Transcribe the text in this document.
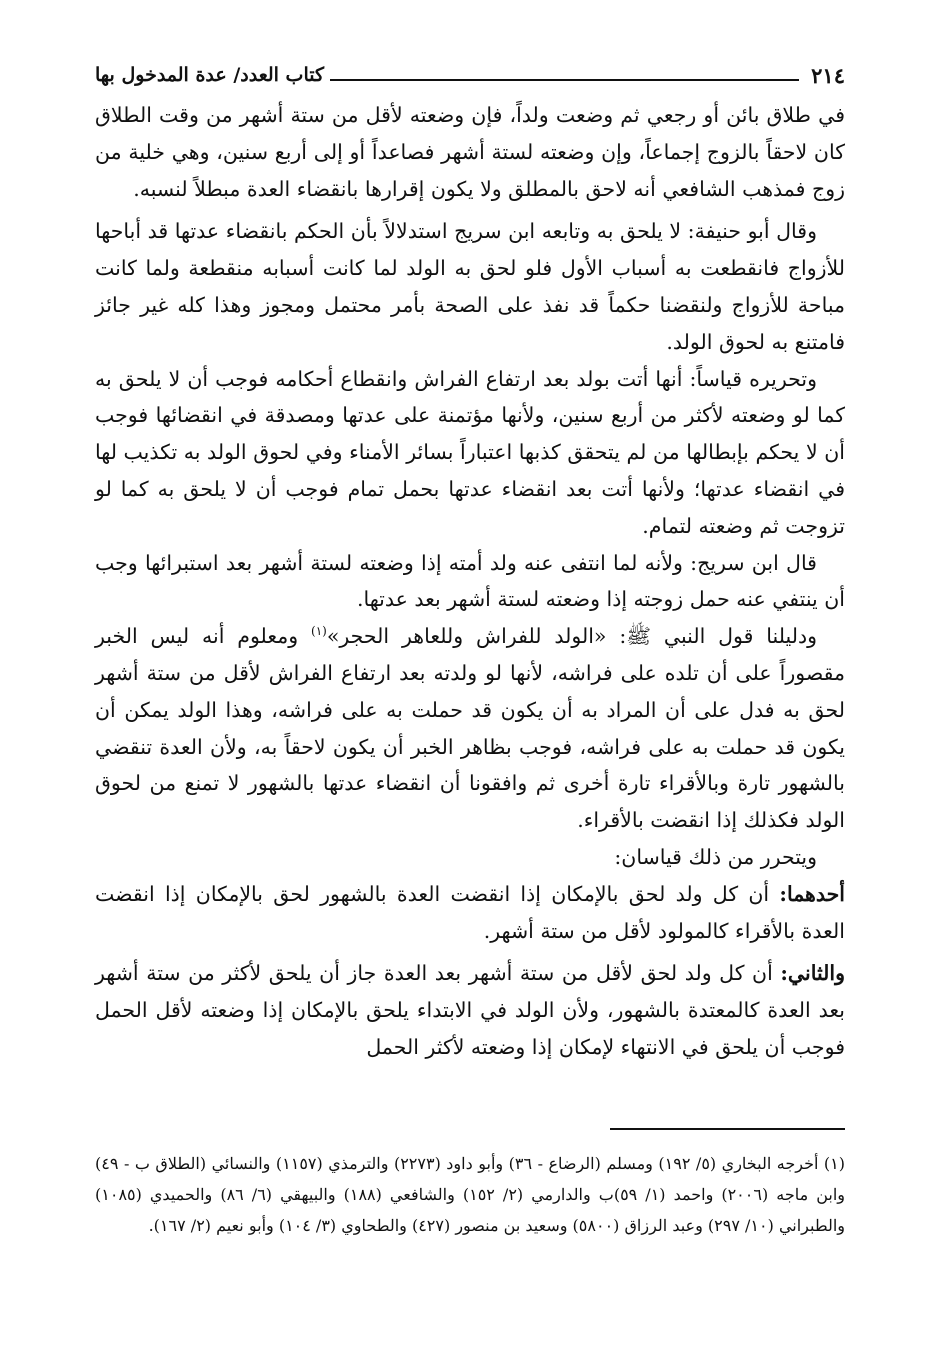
٢١٤
كتاب العدد/ عدة المدخول بها

في طلاق بائن أو رجعي ثم وضعت ولداً، فإن وضعته لأقل من ستة أشهر من وقت الطلاق كان لاحقاً بالزوج إجماعاً، وإن وضعته لستة أشهر فصاعداً أو إلى أربع سنين، وهي خلية من زوج فمذهب الشافعي أنه لاحق بالمطلق ولا يكون إقرارها بانقضاء العدة مبطلاً لنسبه.

وقال أبو حنيفة: لا يلحق به وتابعه ابن سريج استدلالاً بأن الحكم بانقضاء عدتها قد أباحها للأزواج فانقطعت به أسباب الأول فلو لحق به الولد لما كانت أسبابه منقطعة ولما كانت مباحة للأزواج ولنقضنا حكماً قد نفذ على الصحة بأمر محتمل ومجوز وهذا كله غير جائز فامتنع به لحوق الولد.

وتحريره قياساً: أنها أتت بولد بعد ارتفاع الفراش وانقطاع أحكامه فوجب أن لا يلحق به كما لو وضعته لأكثر من أربع سنين، ولأنها مؤتمنة على عدتها ومصدقة في انقضائها فوجب أن لا يحكم بإبطالها من لم يتحقق كذبها اعتباراً بسائر الأمناء وفي لحوق الولد به تكذيب لها في انقضاء عدتها؛ ولأنها أتت بعد انقضاء عدتها بحمل تمام فوجب أن لا يلحق به كما لو تزوجت ثم وضعته لتمام.

قال ابن سريج: ولأنه لما انتفى عنه ولد أمته إذا وضعته لستة أشهر بعد استبرائها وجب أن ينتفي عنه حمل زوجته إذا وضعته لستة أشهر بعد عدتها.

ودليلنا قول النبي ﷺ: «الولد للفراش وللعاهر الحجر»$^{(١)}$ ومعلوم أنه ليس الخبر مقصوراً على أن تلده على فراشه، لأنها لو ولدته بعد ارتفاع الفراش لأقل من ستة أشهر لحق به فدل على أن المراد به أن يكون قد حملت به على فراشه، وهذا الولد يمكن أن يكون قد حملت به على فراشه، فوجب بظاهر الخبر أن يكون لاحقاً به، ولأن العدة تنقضي بالشهور تارة وبالأقراء تارة أخرى ثم وافقونا أن انقضاء عدتها بالشهور لا تمنع من لحوق الولد فكذلك إذا انقضت بالأقراء.

ويتحرر من ذلك قياسان:

أحدهما: أن كل ولد لحق بالإمكان إذا انقضت العدة بالشهور لحق بالإمكان إذا انقضت العدة بالأقراء كالمولود لأقل من ستة أشهر.

والثاني: أن كل ولد لحق لأقل من ستة أشهر بعد العدة جاز أن يلحق لأكثر من ستة أشهر بعد العدة كالمعتدة بالشهور، ولأن الولد في الابتداء يلحق بالإمكان إذا وضعته لأقل الحمل فوجب أن يلحق في الانتهاء لإمكان إذا وضعته لأكثر الحمل

(١) أخرجه البخاري (٥/ ١٩٢) ومسلم (الرضاع - ٣٦) وأبو داود (٢٢٧٣) والترمذي (١١٥٧) والنسائي (الطلاق ب - ٤٩) وابن ماجه (٢٠٠٦) واحمد (١/ ٥٩)ب والدارمي (٢/ ١٥٢) والشافعي (١٨٨) والبيهقي (٦/ ٨٦) والحميدي (١٠٨٥) والطبراني (١٠/ ٢٩٧) وعبد الرزاق (٥٨٠٠) وسعيد بن منصور (٤٢٧) والطحاوي (٣/ ١٠٤) وأبو نعيم (٢/ ١٦٧).
